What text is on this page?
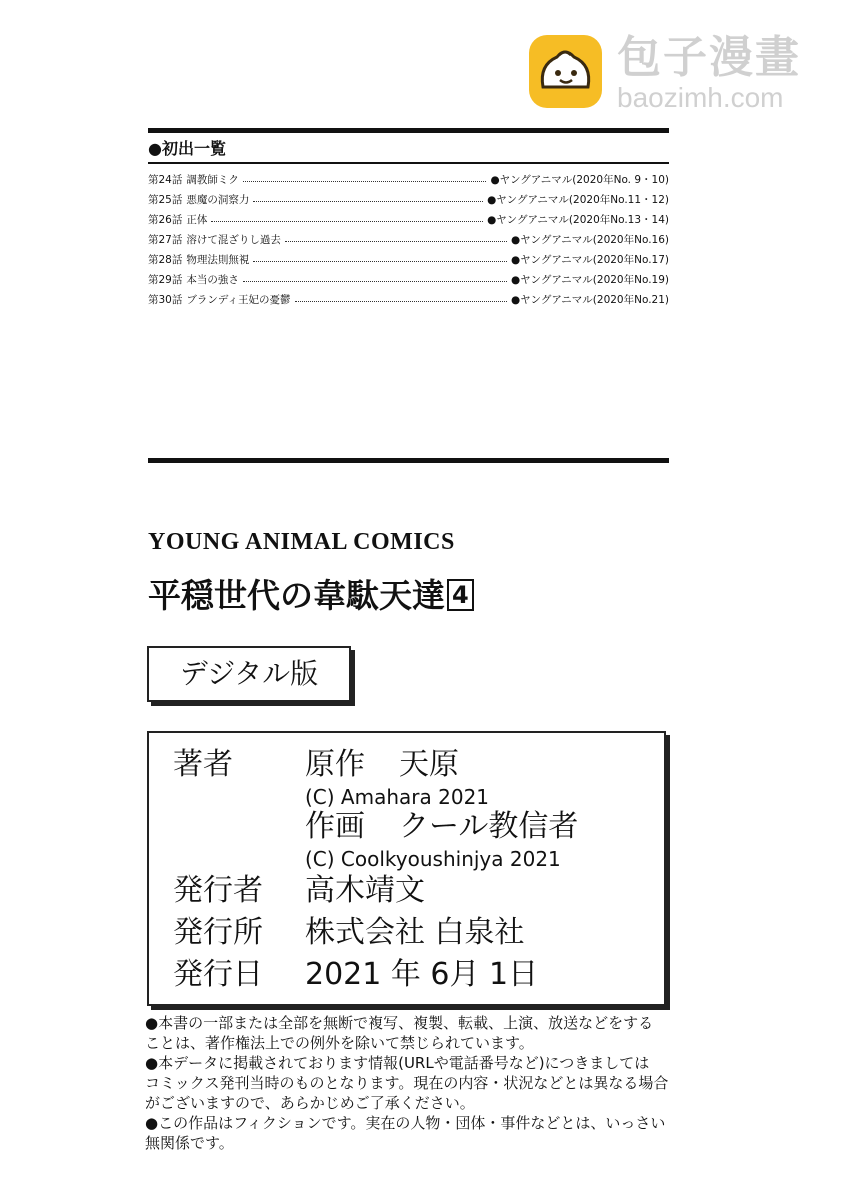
包子漫畫
baozimh.com
●初出一覧
第24話 調教師ミク	●ヤングアニマル(2020年No. 9・10)
第25話 悪魔の洞察力	●ヤングアニマル(2020年No.11・12)
第26話 正体	●ヤングアニマル(2020年No.13・14)
第27話 溶けて混ざりし過去	●ヤングアニマル(2020年No.16)
第28話 物理法則無視	●ヤングアニマル(2020年No.17)
第29話 本当の強さ	●ヤングアニマル(2020年No.19)
第30話 ブランディ王妃の憂鬱	●ヤングアニマル(2020年No.21)
YOUNG ANIMAL COMICS
平穏世代の韋駄天達 4
デジタル版
著者 原作 天原
(C) Amahara 2021
作画 クール教信者
(C) Coolkyoushinjya 2021
発行者 高木靖文
発行所 株式会社 白泉社
発行日 2021 年 6月 1日
●本書の一部または全部を無断で複写、複製、転載、上演、放送などをする
ことは、著作権法上での例外を除いて禁じられています。
●本データに掲載されております情報(URLや電話番号など)につきましては
コミックス発刊当時のものとなります。現在の内容・状況などとは異なる場合
がございますので、あらかじめご了承ください。
●この作品はフィクションです。実在の人物・団体・事件などとは、いっさい
無関係です。
